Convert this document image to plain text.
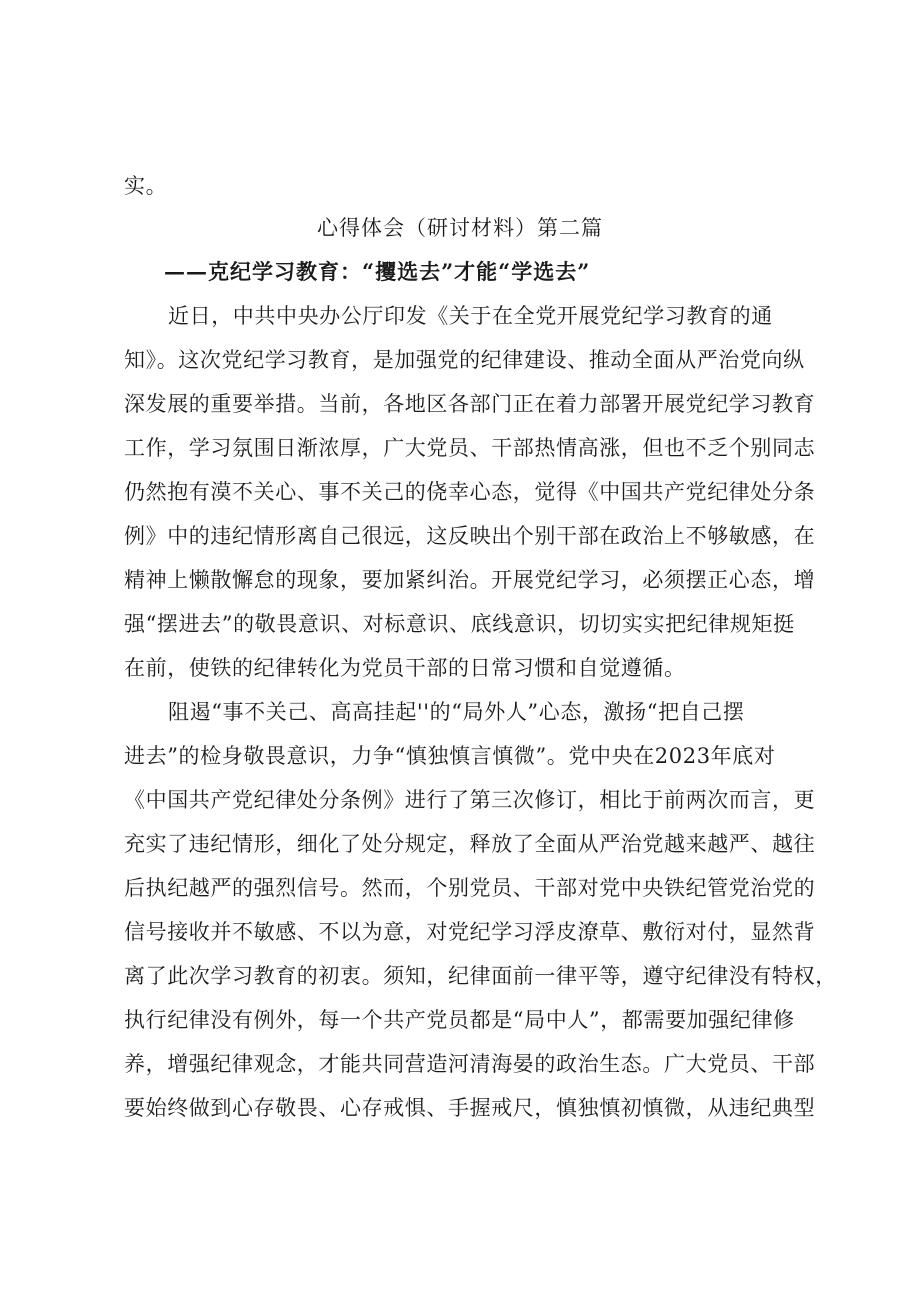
实。
心得体会（研讨材料）第二篇
——克纪学习教育：“攫选去”才能“学选去”
近日，中共中央办公厅印发《关于在全党开展党纪学习教育的通
知》。这次党纪学习教育，是加强党的纪律建设、推动全面从严治党向纵
深发展的重要举措。当前，各地区各部门正在着力部署开展党纪学习教育
工作，学习氛围日渐浓厚，广大党员、干部热情高涨，但也不乏个别同志
仍然抱有漠不关心、事不关己的侥幸心态，觉得《中国共产党纪律处分条
例》中的违纪情形离自己很远，这反映出个别干部在政治上不够敏感，在
精神上懒散懈怠的现象，要加紧纠治。开展党纪学习，必须摆正心态，增
强“摆进去”的敬畏意识、对标意识、底线意识，切切实实把纪律规矩挺
在前，使铁的纪律转化为党员干部的日常习惯和自觉遵循。
阻遏“事不关己、高高挂起''的“局外人”心态，激扬“把自己摆
进去”的检身敬畏意识，力争“慎独慎言慎微”。党中央在2023年底对
《中国共产党纪律处分条例》进行了第三次修订，相比于前两次而言，更
充实了违纪情形，细化了处分规定，释放了全面从严治党越来越严、越往
后执纪越严的强烈信号。然而，个别党员、干部对党中央铁纪管党治党的
信号接收并不敏感、不以为意，对党纪学习浮皮潦草、敷衍对付，显然背
离了此次学习教育的初衷。须知，纪律面前一律平等，遵守纪律没有特权，
执行纪律没有例外，每一个共产党员都是“局中人”，都需要加强纪律修
养，增强纪律观念，才能共同营造河清海晏的政治生态。广大党员、干部
要始终做到心存敬畏、心存戒惧、手握戒尺，慎独慎初慎微，从违纪典型
